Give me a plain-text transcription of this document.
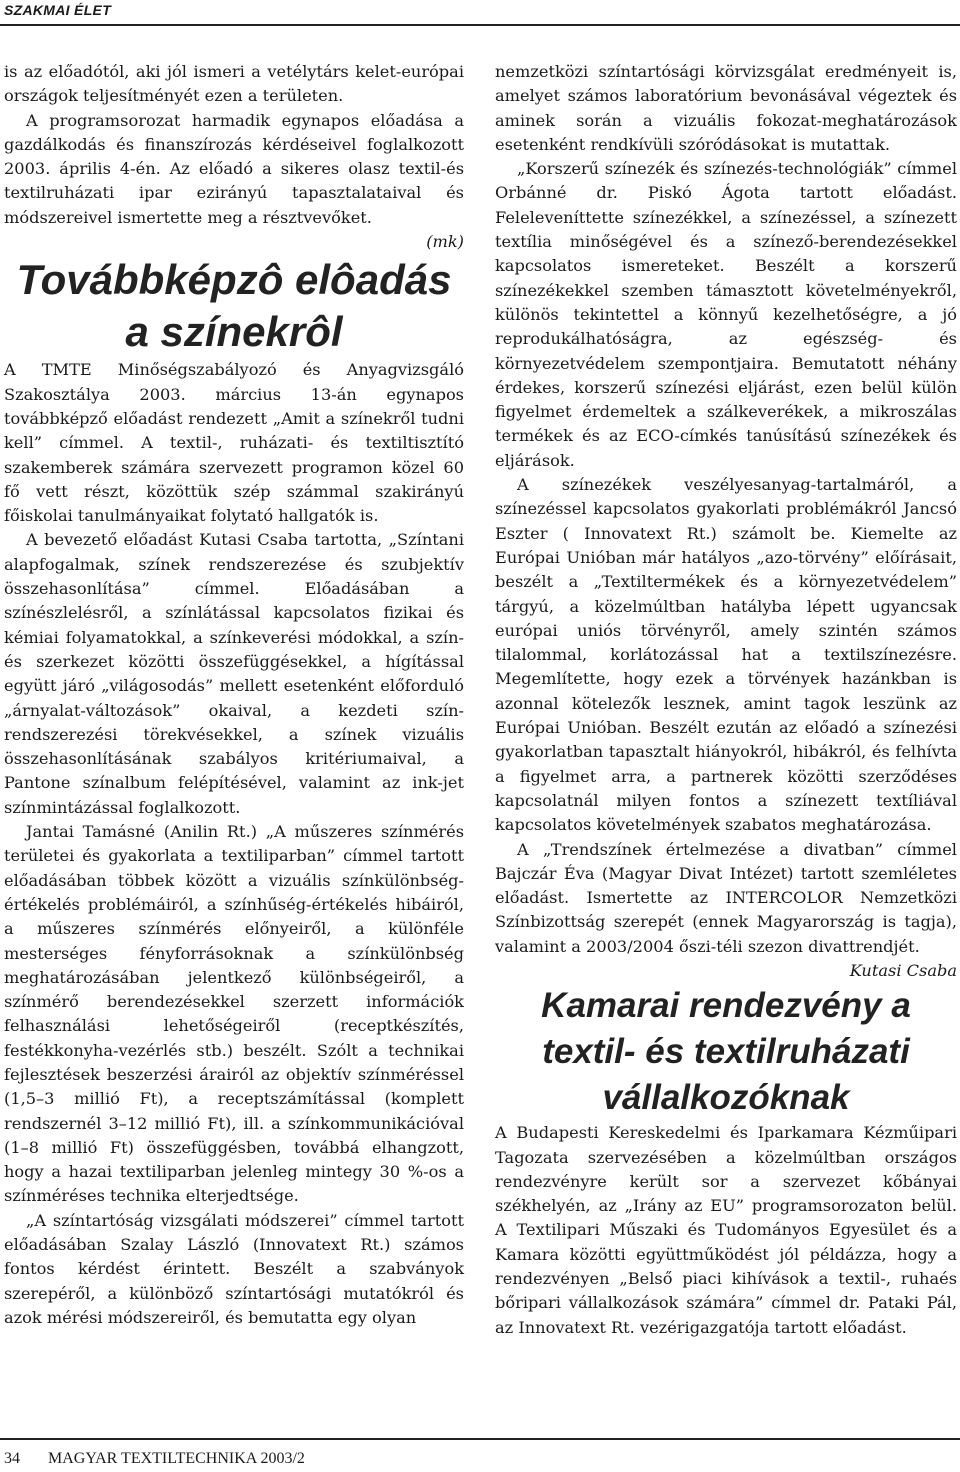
SZAKMAI ÉLET

is az előadótól, aki jól ismeri a vetélytárs kelet-európai országok teljesítményét ezen a területen.

A programsorozat harmadik egynapos előadása a gazdálkodás és finanszírozás kérdéseivel foglalkozott 2003. április 4-én. Az előadó a sikeres olasz textil-és textilruházati ipar ezirányú tapasztalataival és módszereivel ismertette meg a résztvevőket.

(mk)

Továbbképzô elôadás a színekrôl

A TMTE Minőségszabályozó és Anyagvizsgáló Szakosztálya 2003. március 13-án egynapos továbbképző előadást rendezett „Amit a színekről tudni kell” címmel. A textil-, ruházati- és textiltisztító szakemberek számára szervezett programon közel 60 fő vett részt, közöttük szép számmal szakirányú főiskolai tanulmányaikat folytató hallgatók is.

A bevezető előadást Kutasi Csaba tartotta, „Színtani alapfogalmak, színek rendszerezése és szubjektív összehasonlítása” címmel. Előadásában a színészlelésről, a színlátással kapcsolatos fizikai és kémiai folyamatokkal, a színkeverési módokkal, a szín- és szerkezet közötti összefüggésekkel, a hígítással együtt járó „világosodás” mellett esetenként előforduló „árnyalat-változások” okaival, a kezdeti szín-rendszerezési törekvésekkel, a színek vizuális összehasonlításának szabályos kritériumaival, a Pantone színalbum felépítésével, valamint az ink-jet színmintázással foglalkozott.

Jantai Tamásné (Anilin Rt.) „A műszeres színmérés területei és gyakorlata a textiliparban” címmel tartott előadásában többek között a vizuális színkülönbség-értékelés problémáiról, a színhűség-értékelés hibáiról, a műszeres színmérés előnyeiről, a különféle mesterséges fényforrásoknak a színkülönbség meghatározásában jelentkező különbségeiről, a színmérő berendezésekkel szerzett információk felhasználási lehetőségeiről (receptkészítés, festékkonyha-vezérlés stb.) beszélt. Szólt a technikai fejlesztések beszerzési árairól az objektív színméréssel (1,5–3 millió Ft), a receptszámítással (komplett rendszernél 3–12 millió Ft), ill. a színkommunikációval (1–8 millió Ft) összefüggésben, továbbá elhangzott, hogy a hazai textiliparban jelenleg mintegy 30 %-os a színméréses technika elterjedtsége.

„A színtartóság vizsgálati módszerei” címmel tartott előadásában Szalay László (Innovatext Rt.) számos fontos kérdést érintett. Beszélt a szabványok szerepéről, a különböző színtartósági mutatókról és azok mérési módszereiről, és bemutatta egy olyan

nemzetközi színtartósági körvizsgálat eredményeit is, amelyet számos laboratórium bevonásával végeztek és aminek során a vizuális fokozat-meghatározások esetenként rendkívüli szóródásokat is mutattak.

„Korszerű színezék és színezés-technológiák” címmel Orbánné dr. Piskó Ágota tartott előadást. Feleleveníttette színezékkel, a színezéssel, a színezett textília minőségével és a színező-berendezésekkel kapcsolatos ismereteket. Beszélt a korszerű színezékekkel szemben támasztott követelményekről, különös tekintettel a könnyű kezelhetőségre, a jó reprodukálhatóságra, az egészség- és környezetvédelem szempontjaira. Bemutatott néhány érdekes, korszerű színezési eljárást, ezen belül külön figyelmet érdemeltek a szálkeverékek, a mikroszálas termékek és az ECO-címkés tanúsítású színezékek és eljárások.

A színezékek veszélyesanyag-tartalmáról, a színezéssel kapcsolatos gyakorlati problémákról Jancsó Eszter ( Innovatext Rt.) számolt be. Kiemelte az Európai Unióban már hatályos „azo-törvény” előírásait, beszélt a „Textiltermékek és a környezetvédelem” tárgyú, a közelmúltban hatályba lépett ugyancsak európai uniós törvényről, amely szintén számos tilalommal, korlátozással hat a textilszínezésre. Megemlítette, hogy ezek a törvények hazánkban is azonnal kötelezők lesznek, amint tagok leszünk az Európai Unióban. Beszélt ezután az előadó a színezési gyakorlatban tapasztalt hiányokról, hibákról, és felhívta a figyelmet arra, a partnerek közötti szerződéses kapcsolatnál milyen fontos a színezett textíliával kapcsolatos követelmények szabatos meghatározása.

A „Trendszínek értelmezése a divatban” címmel Bajczár Éva (Magyar Divat Intézet) tartott szemléletes előadást. Ismertette az INTERCOLOR Nemzetközi Színbizottság szerepét (ennek Magyarország is tagja), valamint a 2003/2004 őszi-téli szezon divattrendjét.

Kutasi Csaba

Kamarai rendezvény a textil- és textilruházati vállalkozóknak

A Budapesti Kereskedelmi és Iparkamara Kézműipari Tagozata szervezésében a közelmúltban országos rendezvényre került sor a szervezet kőbányai székhelyén, az „Irány az EU” programsorozaton belül. A Textilipari Műszaki és Tudományos Egyesület és a Kamara közötti együttműködést jól példázza, hogy a rendezvényen „Belső piaci kihívások a textil-, ruhaés bőripari vállalkozások számára” címmel dr. Pataki Pál, az Innovatext Rt. vezérigazgatója tartott előadást.

34 MAGYAR TEXTILTECHNIKA 2003/2
